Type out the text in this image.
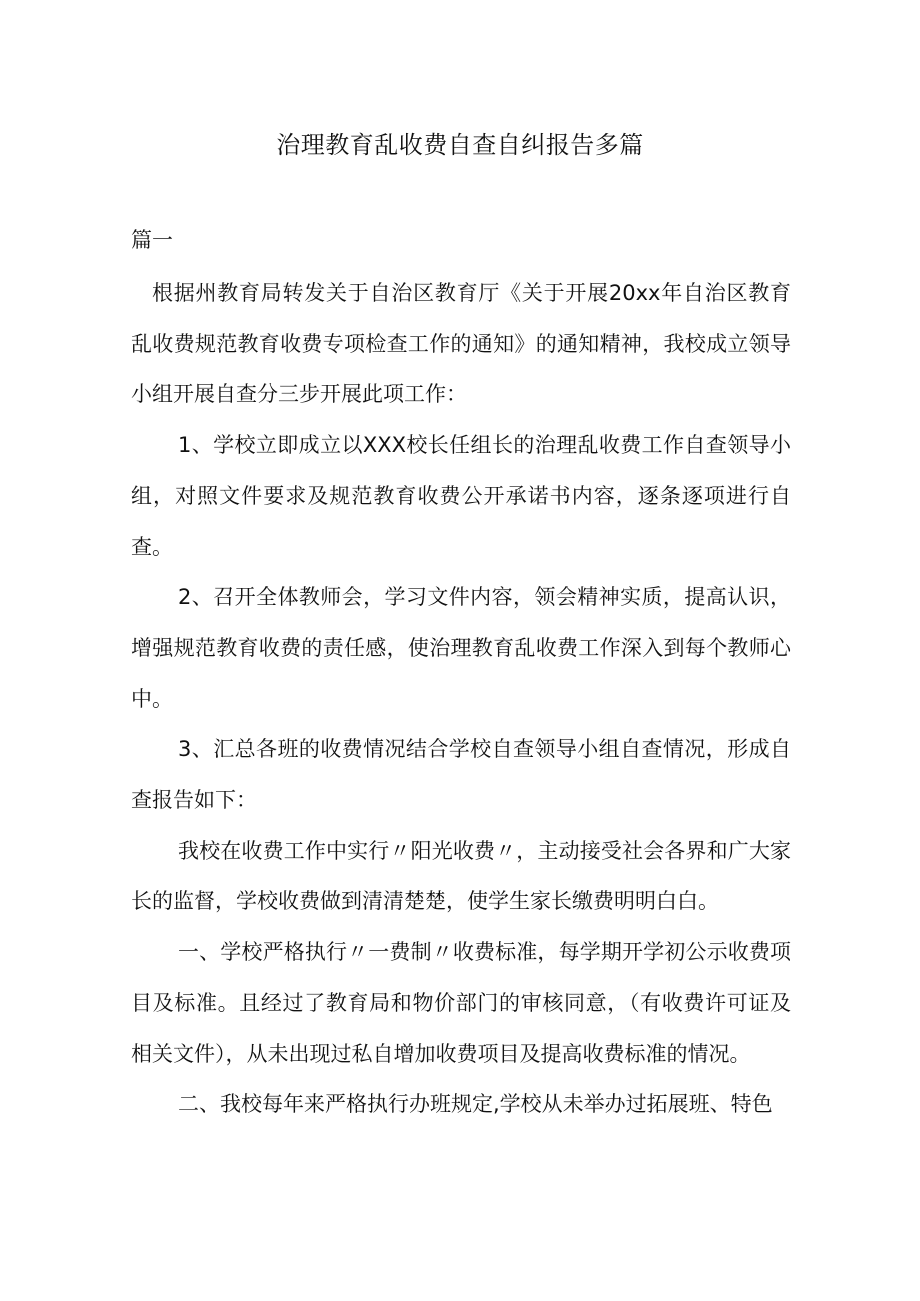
治理教育乱收费自查自纠报告多篇
篇一

根据州教育局转发关于自治区教育厅《关于开展20xx年自治区教育乱收费规范教育收费专项检查工作的通知》的通知精神，我校成立领导小组开展自查分三步开展此项工作：

1、学校立即成立以XXX校长任组长的治理乱收费工作自查领导小组，对照文件要求及规范教育收费公开承诺书内容，逐条逐项进行自查。

2、召开全体教师会，学习文件内容，领会精神实质，提高认识，增强规范教育收费的责任感，使治理教育乱收费工作深入到每个教师心中。

3、汇总各班的收费情况结合学校自查领导小组自查情况，形成自查报告如下：

我校在收费工作中实行〃阳光收费〃，主动接受社会各界和广大家长的监督，学校收费做到清清楚楚，使学生家长缴费明明白白。

一、学校严格执行〃一费制〃收费标准，每学期开学初公示收费项目及标准。且经过了教育局和物价部门的审核同意，（有收费许可证及相关文件），从未出现过私自增加收费项目及提高收费标准的情况。

二、我校每年来严格执行办班规定,学校从未举办过拓展班、特色
